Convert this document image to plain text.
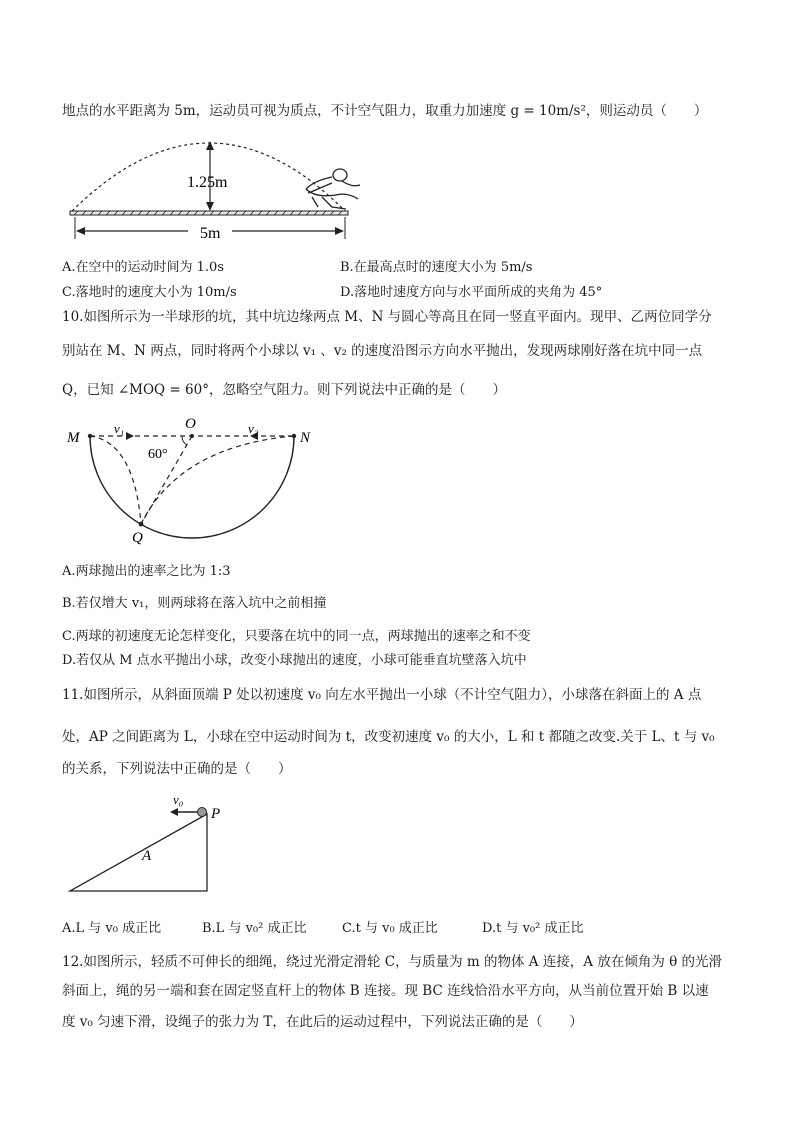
地点的水平距离为 5m，运动员可视为质点，不计空气阻力，取重力加速度 g = 10m/s²，则运动员（　　）
1.25m
5m
A.在空中的运动时间为 1.0s	B.在最高点时的速度大小为 5m/s
C.落地时的速度大小为 10m/s	D.落地时速度方向与水平面所成的夹角为 45°
10.如图所示为一半球形的坑，其中坑边缘两点 M、N 与圆心等高且在同一竖直平面内。现甲、乙两位同学分
别站在 M、N 两点，同时将两个小球以 v₁ 、v₂ 的速度沿图示方向水平抛出，发现两球刚好落在坑中同一点
Q，已知 ∠MOQ = 60°，忽略空气阻力。则下列说法中正确的是（　　）
M	N
O
Q
v₁	v₂
60°
A.两球抛出的速率之比为 1:3
B.若仅增大 v₁，则两球将在落入坑中之前相撞
C.两球的初速度无论怎样变化，只要落在坑中的同一点，两球抛出的速率之和不变
D.若仅从 M 点水平抛出小球，改变小球抛出的速度，小球可能垂直坑壁落入坑中
11.如图所示，从斜面顶端 P 处以初速度 v₀ 向左水平抛出一小球（不计空气阻力），小球落在斜面上的 A 点
处，AP 之间距离为 L，小球在空中运动时间为 t，改变初速度 v₀ 的大小，L 和 t 都随之改变.关于 L、t 与 v₀
的关系，下列说法中正确的是（　　）
v₀
P
A
A.L 与 v₀ 成正比	B.L 与 v₀² 成正比	C.t 与 v₀ 成正比	D.t 与 v₀² 成正比
12.如图所示，轻质不可伸长的细绳，绕过光滑定滑轮 C，与质量为 m 的物体 A 连接，A 放在倾角为 θ 的光滑
斜面上，绳的另一端和套在固定竖直杆上的物体 B 连接。现 BC 连线恰沿水平方向，从当前位置开始 B 以速
度 v₀ 匀速下滑，设绳子的张力为 T，在此后的运动过程中，下列说法正确的是（　　）
